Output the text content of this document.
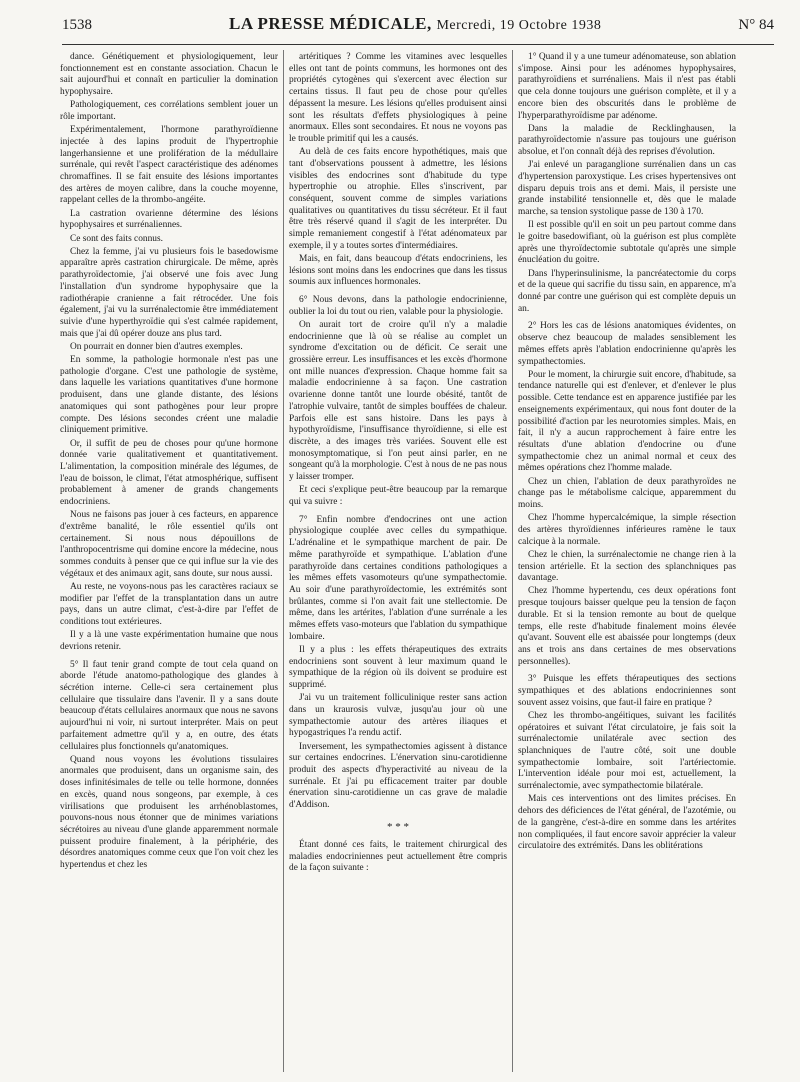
1538	LA PRESSE MÉDICALE, Mercredi, 19 Octobre 1938	N° 84

dance. Génétiquement et physiologiquement, leur fonctionnement est en constante association. Chacun le sait aujourd'hui et connaît en particulier la domination hypophysaire.

Pathologiquement, ces corrélations semblent jouer un rôle important.

Expérimentalement, l'hormone parathyroïdienne injectée à des lapins produit de l'hypertrophie langerhansienne et une prolifération de la médullaire surrénale, qui revêt l'aspect caractéristique des adénomes chromaffines. Il se fait ensuite des lésions importantes des artères de moyen calibre, dans la couche moyenne, rappelant celles de la thrombo-angéite.

La castration ovarienne détermine des lésions hypophysaires et surrénaliennes.

Ce sont des faits connus.

Chez la femme, j'ai vu plusieurs fois le basedowisme apparaître après castration chirurgicale. De même, après parathyroïdectomie, j'ai observé une fois avec Jung l'installation d'un syndrome hypophysaire que la radiothérapie cranienne a fait rétrocéder. Une fois également, j'ai vu la surrénalectomie être immédiatement suivie d'une hyperthyroïdie qui s'est calmée rapidement, mais que j'ai dû opérer douze ans plus tard.

On pourrait en donner bien d'autres exemples.

En somme, la pathologie hormonale n'est pas une pathologie d'organe. C'est une pathologie de système, dans laquelle les variations quantitatives d'une hormone produisent, dans une glande distante, des lésions anatomiques qui sont pathogènes pour leur propre compte. Des lésions secondes créent une maladie cliniquement primitive.

Or, il suffit de peu de choses pour qu'une hormone donnée varie qualitativement et quantitativement. L'alimentation, la composition minérale des légumes, de l'eau de boisson, le climat, l'état atmosphérique, suffisent probablement à amener de grands changements endocriniens.

Nous ne faisons pas jouer à ces facteurs, en apparence d'extrême banalité, le rôle essentiel qu'ils ont certainement. Si nous nous dépouillons de l'anthropocentrisme qui domine encore la médecine, nous sommes conduits à penser que ce qui influe sur la vie des végétaux et des animaux agit, sans doute, sur nous aussi.

Au reste, ne voyons-nous pas les caractères raciaux se modifier par l'effet de la transplantation dans un autre pays, dans un autre climat, c'est-à-dire par l'effet de conditions tout extérieures.

Il y a là une vaste expérimentation humaine que nous devrions retenir.

5° Il faut tenir grand compte de tout cela quand on aborde l'étude anatomo-pathologique des glandes à sécrétion interne. Celle-ci sera certainement plus cellulaire que tissulaire dans l'avenir. Il y a sans doute beaucoup d'états cellulaires anormaux que nous ne savons aujourd'hui ni voir, ni surtout interpréter. Mais on peut parfaitement admettre qu'il y a, en outre, des états cellulaires plus fonctionnels qu'anatomiques.

Quand nous voyons les évolutions tissulaires anormales que produisent, dans un organisme sain, des doses infinitésimales de telle ou telle hormone, données en excès, quand nous songeons, par exemple, à ces virilisations que produisent les arrhénoblastomes, pouvons-nous nous étonner que de minimes variations sécrétoires au niveau d'une glande apparemment normale puissent produire finalement, à la périphérie, des désordres anatomiques comme ceux que l'on voit chez les hypertendus et chez les

artéritiques ? Comme les vitamines avec lesquelles elles ont tant de points communs, les hormones ont des propriétés cytogènes qui s'exercent avec élection sur certains tissus. Il faut peu de chose pour qu'elles dépassent la mesure. Les lésions qu'elles produisent ainsi sont les résultats d'effets physiologiques à peine anormaux. Elles sont secondaires. Et nous ne voyons pas le trouble primitif qui les a causés.

Au delà de ces faits encore hypothétiques, mais que tant d'observations poussent à admettre, les lésions visibles des endocrines sont d'habitude du type hypertrophie ou atrophie. Elles s'inscrivent, par conséquent, souvent comme de simples variations qualitatives ou quantitatives du tissu sécréteur. Et il faut être très réservé quand il s'agit de les interpréter. Du simple remaniement congestif à l'état adénomateux par exemple, il y a toutes sortes d'intermédiaires.

Mais, en fait, dans beaucoup d'états endocriniens, les lésions sont moins dans les endocrines que dans les tissus soumis aux influences hormonales.

6° Nous devons, dans la pathologie endocrinienne, oublier la loi du tout ou rien, valable pour la physiologie.

On aurait tort de croire qu'il n'y a maladie endocrinienne que là où se réalise au complet un syndrome d'excitation ou de déficit. Ce serait une grossière erreur. Les insuffisances et les excès d'hormone ont mille nuances d'expression. Chaque homme fait sa maladie endocrinienne à sa façon. Une castration ovarienne donne tantôt une lourde obésité, tantôt de l'atrophie vulvaire, tantôt de simples bouffées de chaleur. Parfois elle est sans histoire. Dans les pays à hypothyroïdisme, l'insuffisance thyroïdienne, si elle est discrète, a des images très variées. Souvent elle est monosymptomatique, si l'on peut ainsi parler, en ne songeant qu'à la morphologie. C'est à nous de ne pas nous y laisser tromper.

Et ceci s'explique peut-être beaucoup par la remarque qui va suivre :

7° Enfin nombre d'endocrines ont une action physiologique couplée avec celles du sympathique. L'adrénaline et le sympathique marchent de pair. De même parathyroïde et sympathique. L'ablation d'une parathyroïde dans certaines conditions pathologiques a les mêmes effets vasomoteurs qu'une sympathectomie. Au soir d'une parathyroïdectomie, les extrémités sont brûlantes, comme si l'on avait fait une stellectomie. De même, dans les artérites, l'ablation d'une surrénale a les mêmes effets vaso-moteurs que l'ablation du sympathique lombaire.

Il y a plus : les effets thérapeutiques des extraits endocriniens sont souvent à leur maximum quand le sympathique de la région où ils doivent se produire est supprimé.

J'ai vu un traitement folliculinique rester sans action dans un kraurosis vulvæ, jusqu'au jour où une sympathectomie autour des artères iliaques et hypogastriques l'a rendu actif.

Inversement, les sympathectomies agissent à distance sur certaines endocrines. L'énervation sinu-carotidienne produit des aspects d'hyperactivité au niveau de la surrénale. Et j'ai pu efficacement traiter par double énervation sinu-carotidienne un cas grave de maladie d'Addison.

* * *

Étant donné ces faits, le traitement chirurgical des maladies endocriniennes peut actuellement être compris de la façon suivante :

1° Quand il y a une tumeur adénomateuse, son ablation s'impose. Ainsi pour les adénomes hypophysaires, parathyroïdiens et surrénaliens. Mais il n'est pas établi que cela donne toujours une guérison complète, et il y a encore bien des obscurités dans le problème de l'hyperparathyroïdisme par adénome.

Dans la maladie de Recklinghausen, la parathyroïdectomie n'assure pas toujours une guérison absolue, et l'on connaît déjà des reprises d'évolution.

J'ai enlevé un paraganglione surrénalien dans un cas d'hypertension paroxystique. Les crises hypertensives ont disparu depuis trois ans et demi. Mais, il persiste une grande instabilité tensionnelle et, dès que le malade marche, sa tension systolique passe de 130 à 170.

Il est possible qu'il en soit un peu partout comme dans le goitre basedowifiant, où la guérison est plus complète après une thyroïdectomie subtotale qu'après une simple énucléation du goitre.

Dans l'hyperinsulinisme, la pancréatectomie du corps et de la queue qui sacrifie du tissu sain, en apparence, m'a donné par contre une guérison qui est complète depuis un an.

2° Hors les cas de lésions anatomiques évidentes, on observe chez beaucoup de malades sensiblement les mêmes effets après l'ablation endocrinienne qu'après les sympathectomies.

Pour le moment, la chirurgie suit encore, d'habitude, sa tendance naturelle qui est d'enlever, et d'enlever le plus possible. Cette tendance est en apparence justifiée par les enseignements expérimentaux, qui nous font douter de la possibilité d'action par les neurotomies simples. Mais, en fait, il n'y a aucun rapprochement à faire entre les résultats d'une ablation d'endocrine ou d'une sympathectomie chez un animal normal et ceux des mêmes opérations chez l'homme malade.

Chez un chien, l'ablation de deux parathyroïdes ne change pas le métabolisme calcique, apparemment du moins.

Chez l'homme hypercalcémique, la simple résection des artères thyroïdiennes inférieures ramène le taux calcique à la normale.

Chez le chien, la surrénalectomie ne change rien à la tension artérielle. Et la section des splanchniques pas davantage.

Chez l'homme hypertendu, ces deux opérations font presque toujours baisser quelque peu la tension de façon durable. Et si la tension remonte au bout de quelque temps, elle reste d'habitude finalement moins élevée qu'avant. Souvent elle est abaissée pour longtemps (deux ans et trois ans dans certaines de mes observations personnelles).

3° Puisque les effets thérapeutiques des sections sympathiques et des ablations endocriniennes sont souvent assez voisins, que faut-il faire en pratique ?

Chez les thrombo-angéitiques, suivant les facilités opératoires et suivant l'état circulatoire, je fais soit la surrénalectomie unilatérale avec section des splanchniques de l'autre côté, soit une double sympathectomie lombaire, soit l'artériectomie. L'intervention idéale pour moi est, actuellement, la surrénalectomie, avec sympathectomie bilatérale.

Mais ces interventions ont des limites précises. En dehors des déficiences de l'état général, de l'azotémie, ou de la gangrène, c'est-à-dire en somme dans les artérites non compliquées, il faut encore savoir apprécier la valeur circulatoire des extrémités. Dans les oblitérations
